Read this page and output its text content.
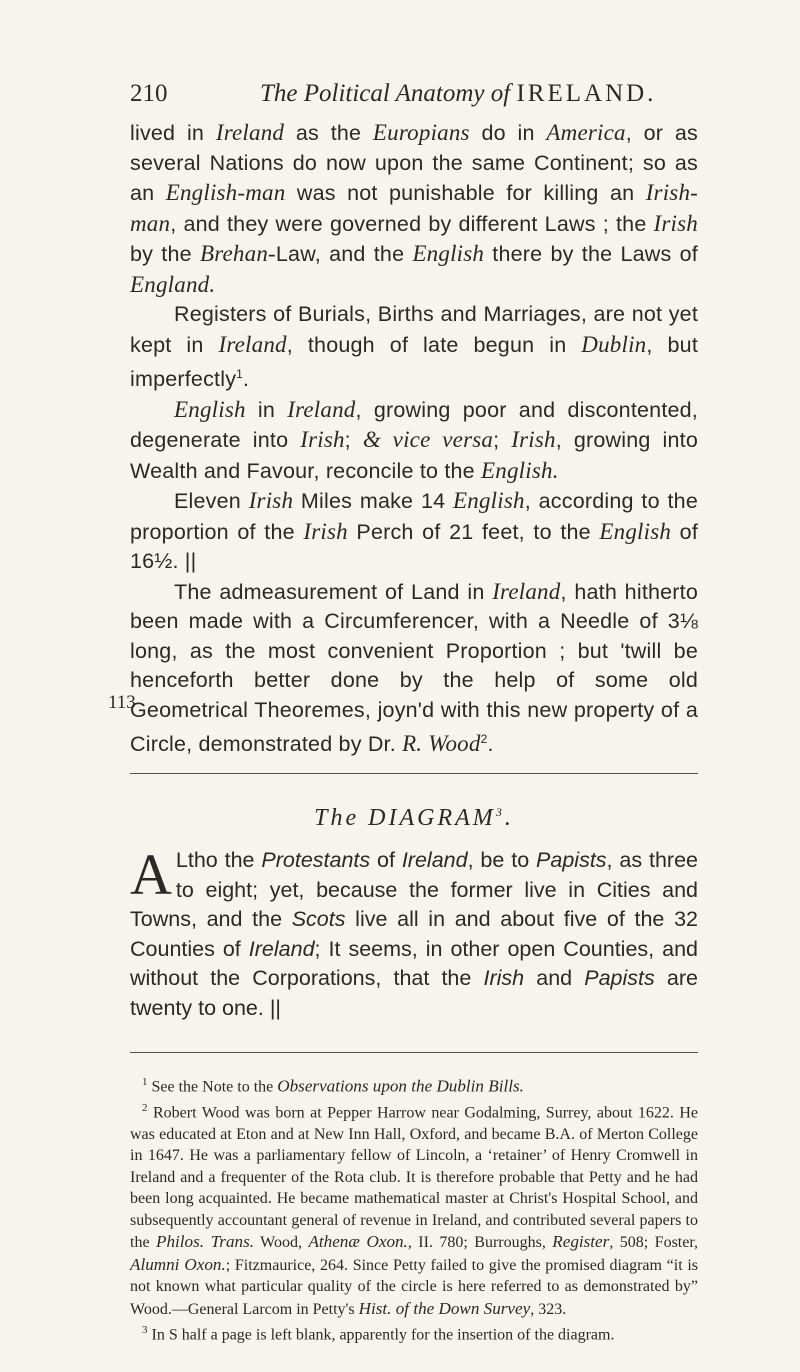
210	The Political Anatomy of IRELAND.
113

lived in Ireland as the Europians do in America, or as several Nations do now upon the same Continent; so as an English-man was not punishable for killing an Irish-man, and they were governed by different Laws ; the Irish by the Brehan-Law, and the English there by the Laws of England.

Registers of Burials, Births and Marriages, are not yet kept in Ireland, though of late begun in Dublin, but imperfectly$^1$.

English in Ireland, growing poor and discontented, degenerate into Irish; & vice versa; Irish, growing into Wealth and Favour, reconcile to the English.

Eleven Irish Miles make 14 English, according to the proportion of the Irish Perch of 21 feet, to the English of 16½. ||

The admeasurement of Land in Ireland, hath hitherto been made with a Circumferencer, with a Needle of 3⅛ long, as the most convenient Proportion ; but 'twill be henceforth better done by the help of some old Geometrical Theoremes, joyn'd with this new property of a Circle, demonstrated by Dr. R. Wood$^2$.

The DIAGRAM$^3$.

A Ltho the Protestants of Ireland, be to Papists, as three to eight; yet, because the former live in Cities and Towns, and the Scots live all in and about five of the 32 Counties of Ireland; It seems, in other open Counties, and without the Corporations, that the Irish and Papists are twenty to one. ||

$^1$ See the Note to the Observations upon the Dublin Bills.

$^2$ Robert Wood was born at Pepper Harrow near Godalming, Surrey, about 1622. He was educated at Eton and at New Inn Hall, Oxford, and became B.A. of Merton College in 1647. He was a parliamentary fellow of Lincoln, a ‘retainer’ of Henry Cromwell in Ireland and a frequenter of the Rota club. It is therefore probable that Petty and he had been long acquainted. He became mathematical master at Christ's Hospital School, and subsequently accountant general of revenue in Ireland, and contributed several papers to the Philos. Trans. Wood, Athenæ Oxon., II. 780; Burroughs, Register, 508; Foster, Alumni Oxon.; Fitzmaurice, 264. Since Petty failed to give the promised diagram “it is not known what particular quality of the circle is here referred to as demonstrated by” Wood.—General Larcom in Petty's Hist. of the Down Survey, 323.

$^3$ In S half a page is left blank, apparently for the insertion of the diagram.
